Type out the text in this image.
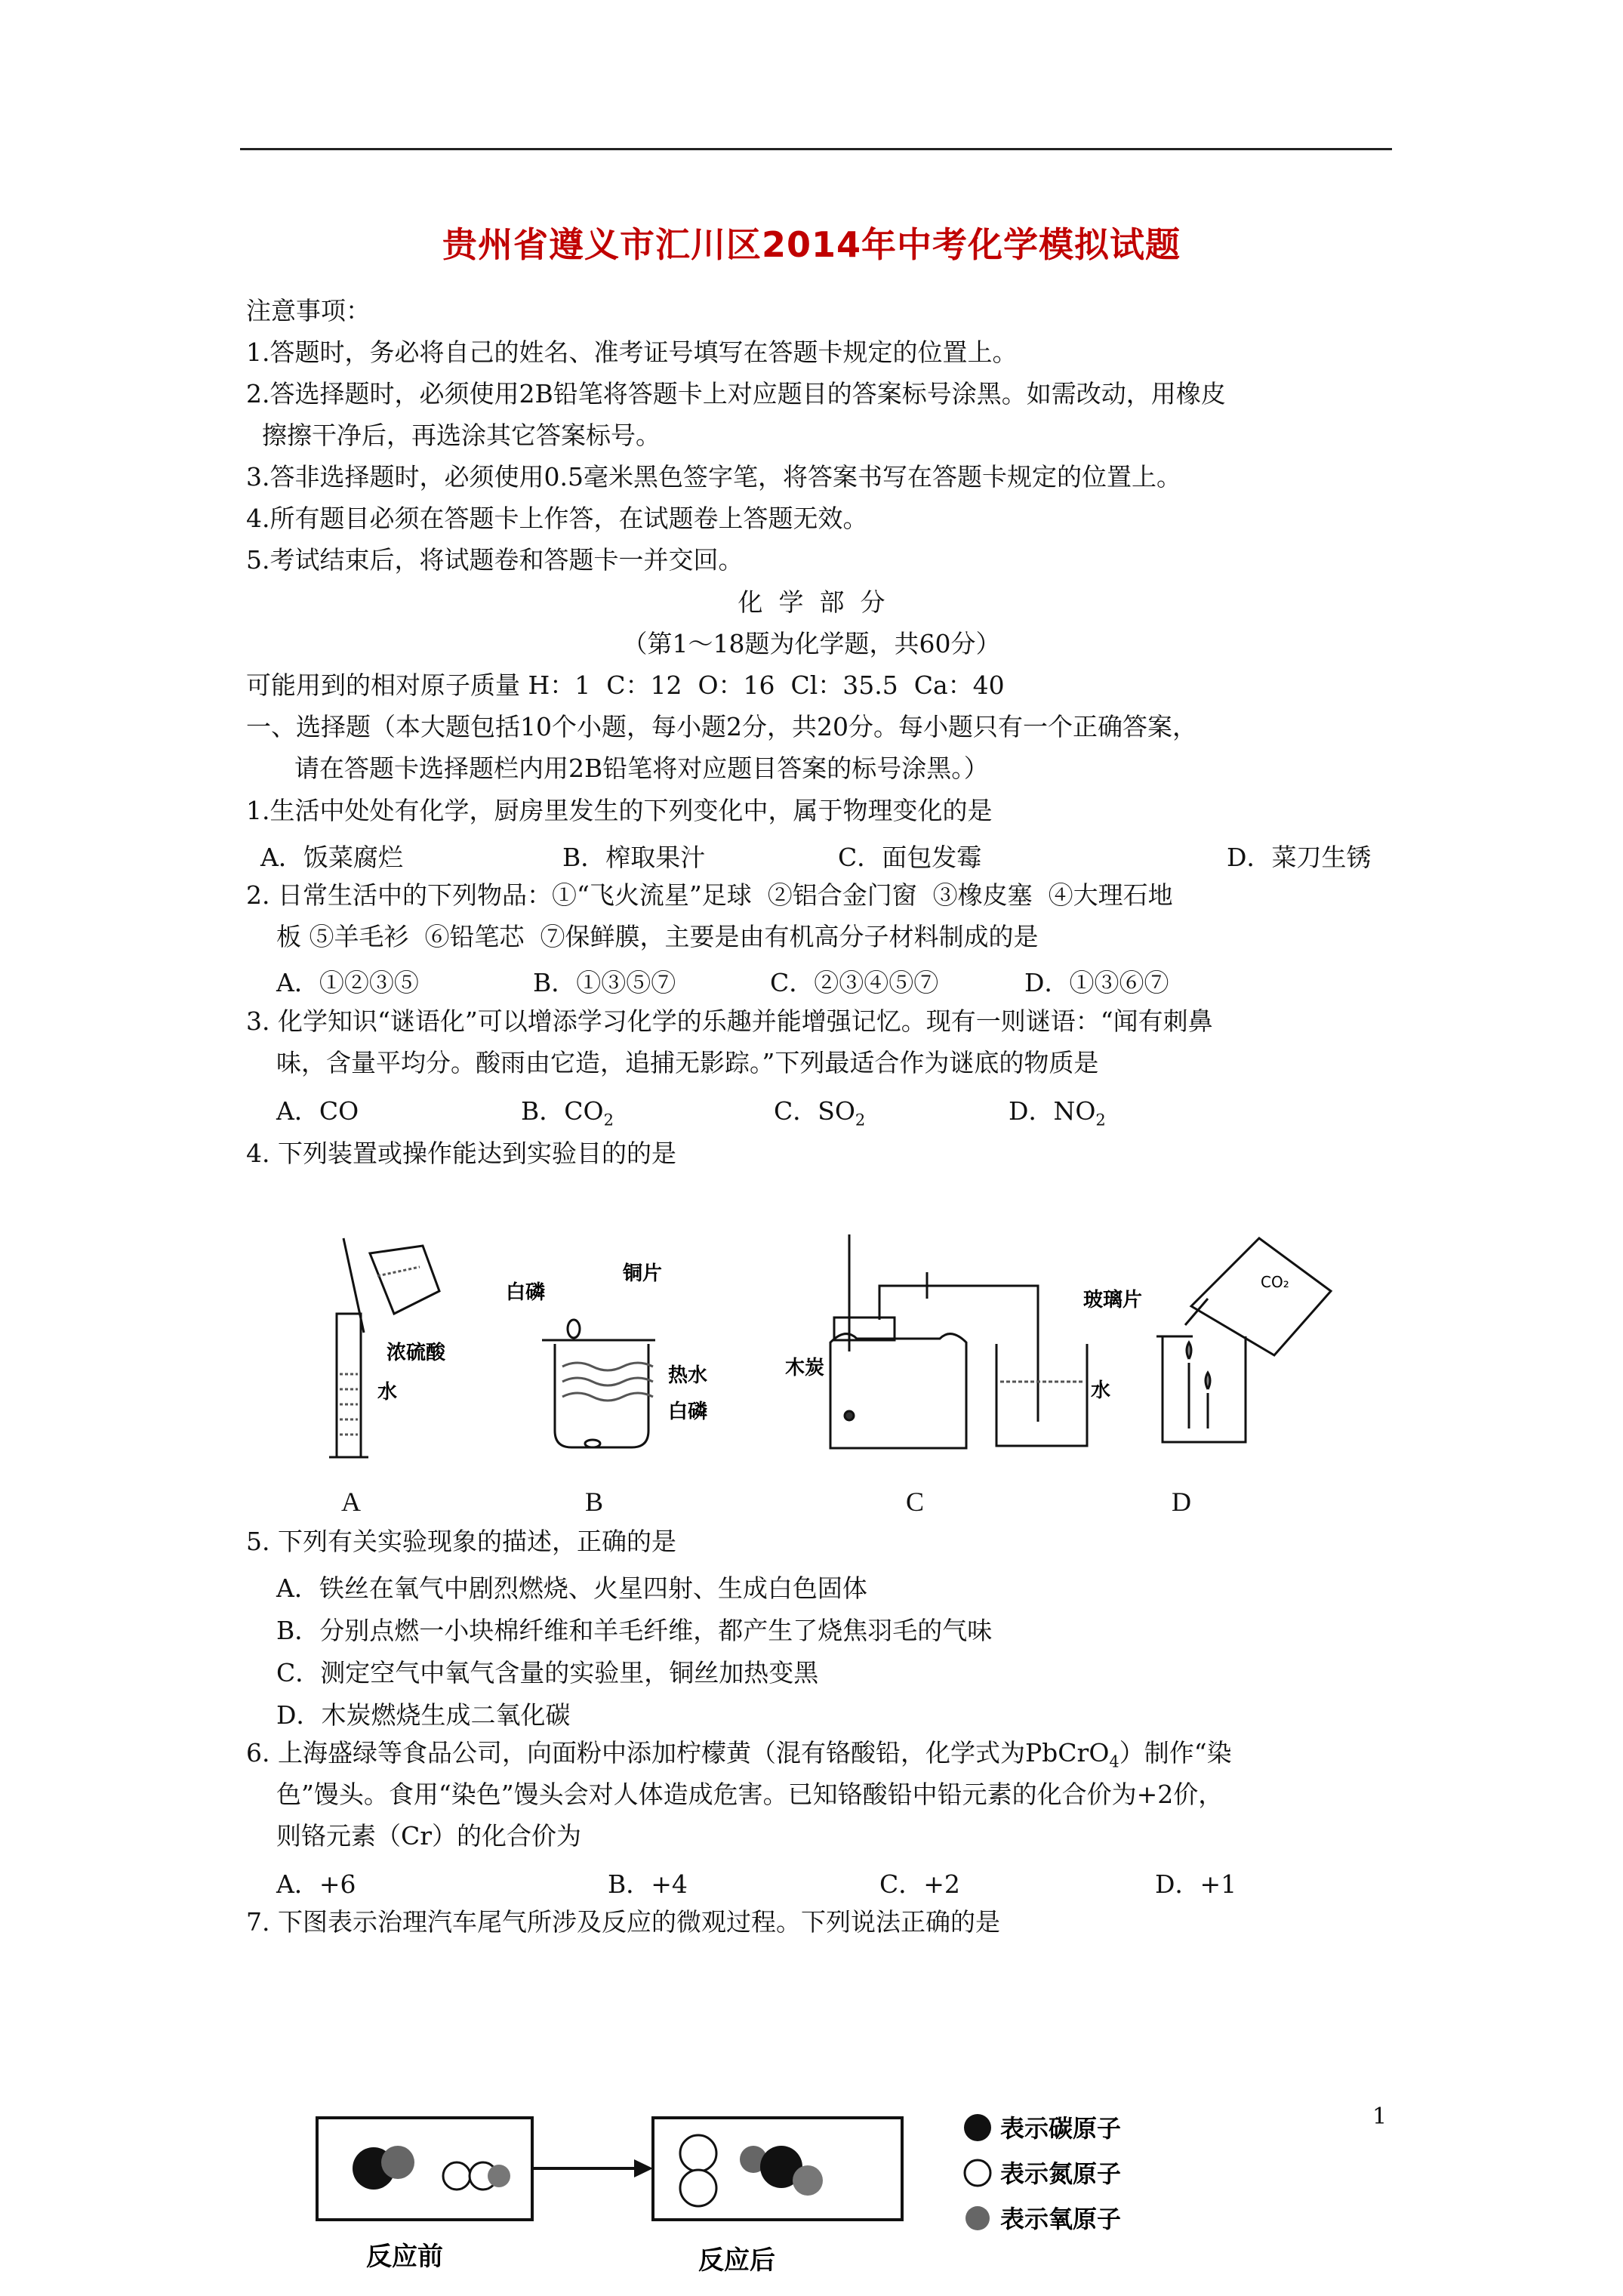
贵州省遵义市汇川区2014年中考化学模拟试题
注意事项：
1.答题时，务必将自己的姓名、准考证号填写在答题卡规定的位置上。
2.答选择题时，必须使用2B铅笔将答题卡上对应题目的答案标号涂黑。如需改动，用橡皮
擦擦干净后，再选涂其它答案标号。
3.答非选择题时，必须使用0.5毫米黑色签字笔，将答案书写在答题卡规定的位置上。
4.所有题目必须在答题卡上作答，在试题卷上答题无效。
5.考试结束后，将试题卷和答题卡一并交回。
化  学  部  分
（第1～18题为化学题，共60分）
可能用到的相对原子质量 H：1  C：12  O：16  Cl：35.5  Ca：40
一、选择题（本大题包括10个小题，每小题2分，共20分。每小题只有一个正确答案，
请在答题卡选择题栏内用2B铅笔将对应题目答案的标号涂黑。）
1.生活中处处有化学，厨房里发生的下列变化中，属于物理变化的是
A．饭菜腐烂	B．榨取果汁	C．面包发霉	D．菜刀生锈
2. 日常生活中的下列物品：①“飞火流星”足球  ②铝合金门窗  ③橡皮塞  ④大理石地
板 ⑤羊毛衫  ⑥铅笔芯  ⑦保鲜膜，主要是由有机高分子材料制成的是
A．①②③⑤	B．①③⑤⑦	C．②③④⑤⑦	D．①③⑥⑦
3. 化学知识“谜语化”可以增添学习化学的乐趣并能增强记忆。现有一则谜语：“闻有刺鼻
味，含量平均分。酸雨由它造，追捕无影踪。”下列最适合作为谜底的物质是
A．CO	B．$CO_2$	C．$SO_2$	D．$NO_2$
4. 下列装置或操作能达到实验目的的是
浓硫酸
水
白磷
铜片
热水
白磷
木炭
水
玻璃片
CO₂
A	B	C	D
5. 下列有关实验现象的描述，正确的是
A．铁丝在氧气中剧烈燃烧、火星四射、生成白色固体
B．分别点燃一小块棉纤维和羊毛纤维，都产生了烧焦羽毛的气味
C．测定空气中氧气含量的实验里，铜丝加热变黑
D．木炭燃烧生成二氧化碳
6. 上海盛绿等食品公司，向面粉中添加柠檬黄（混有铬酸铅，化学式为PbCrO$_4$）制作“染
色”馒头。食用“染色”馒头会对人体造成危害。已知铬酸铅中铅元素的化合价为+2价，
则铬元素（Cr）的化合价为
A．+6	B．+4	C．+2	D．+1
7. 下图表示治理汽车尾气所涉及反应的微观过程。下列说法正确的是
表示碳原子
表示氮原子
表示氧原子
反应前	反应后
1
